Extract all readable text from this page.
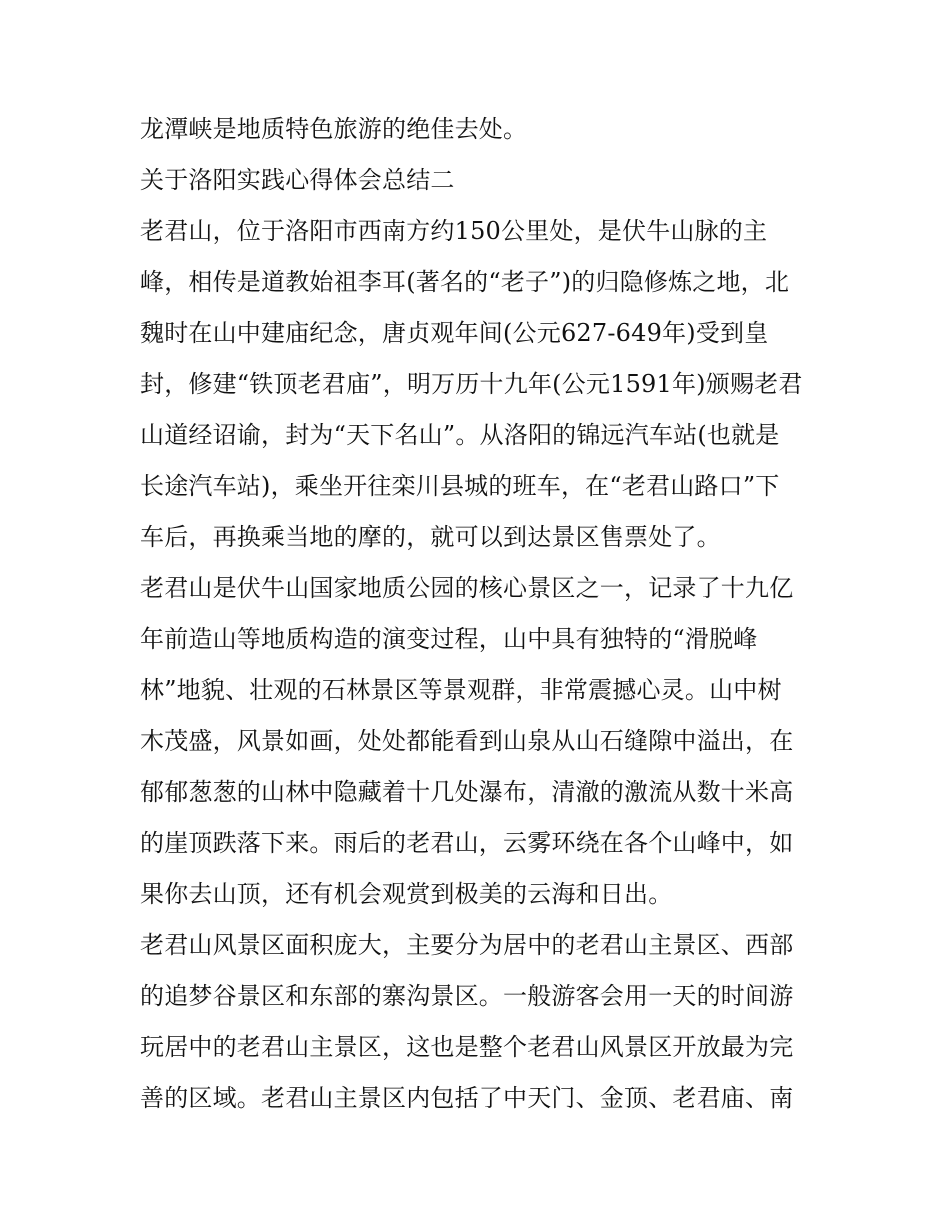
龙潭峡是地质特色旅游的绝佳去处。
关于洛阳实践心得体会总结二
老君山，位于洛阳市西南方约150公里处，是伏牛山脉的主
峰，相传是道教始祖李耳(著名的“老子”)的归隐修炼之地，北
魏时在山中建庙纪念，唐贞观年间(公元627-649年)受到皇
封，修建“铁顶老君庙”，明万历十九年(公元1591年)颁赐老君
山道经诏谕，封为“天下名山”。从洛阳的锦远汽车站(也就是
长途汽车站)，乘坐开往栾川县城的班车，在“老君山路口”下
车后，再换乘当地的摩的，就可以到达景区售票处了。
老君山是伏牛山国家地质公园的核心景区之一，记录了十九亿
年前造山等地质构造的演变过程，山中具有独特的“滑脱峰
林”地貌、壮观的石林景区等景观群，非常震撼心灵。山中树
木茂盛，风景如画，处处都能看到山泉从山石缝隙中溢出，在
郁郁葱葱的山林中隐藏着十几处瀑布，清澈的激流从数十米高
的崖顶跌落下来。雨后的老君山，云雾环绕在各个山峰中，如
果你去山顶，还有机会观赏到极美的云海和日出。
老君山风景区面积庞大，主要分为居中的老君山主景区、西部
的追梦谷景区和东部的寨沟景区。一般游客会用一天的时间游
玩居中的老君山主景区，这也是整个老君山风景区开放最为完
善的区域。老君山主景区内包括了中天门、金顶、老君庙、南
